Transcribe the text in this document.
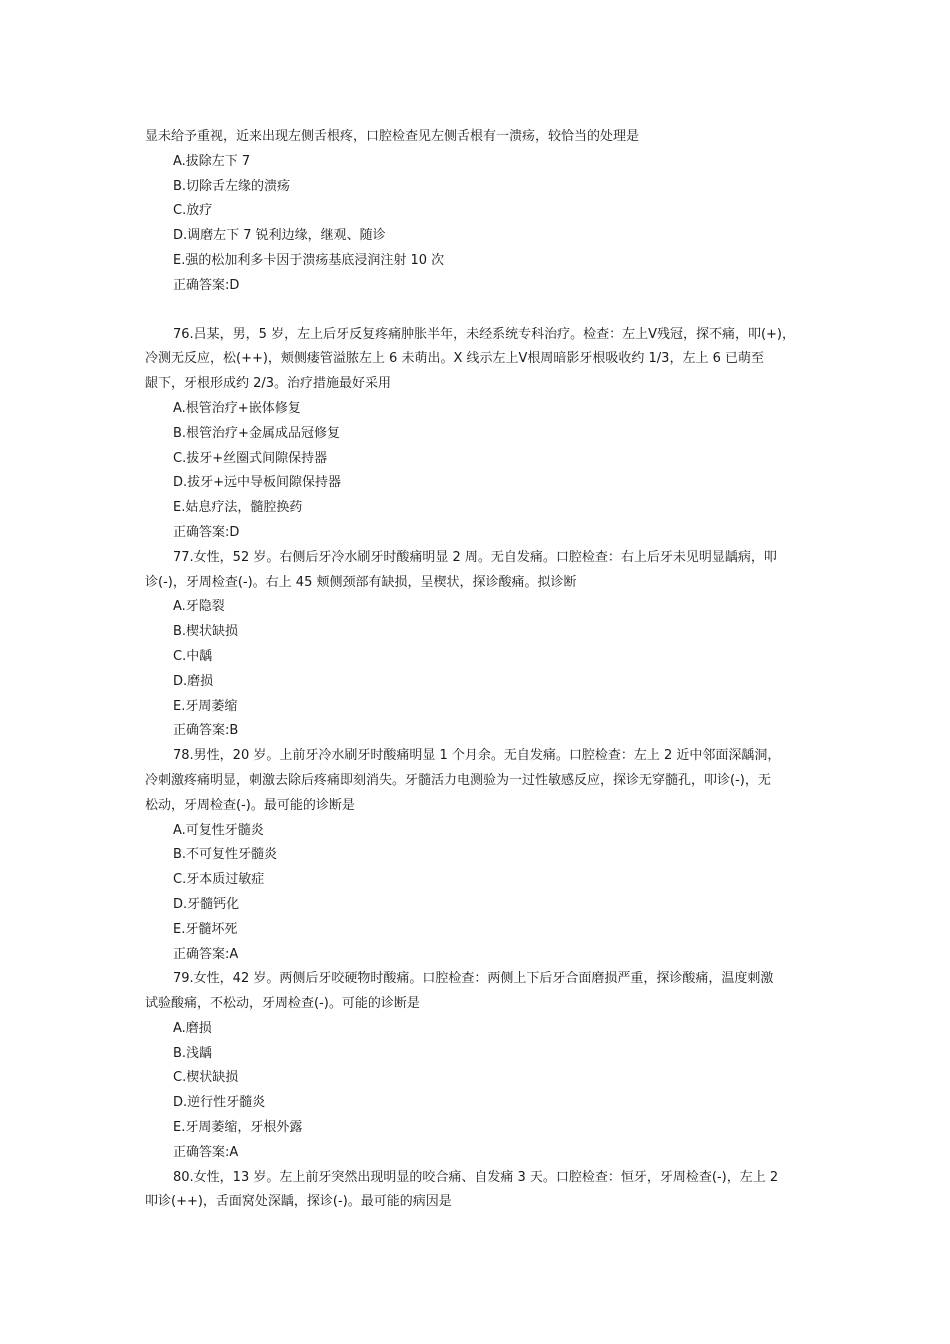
显未给予重视，近来出现左侧舌根疼，口腔检查见左侧舌根有一溃疡，较恰当的处理是
A.拔除左下 7
B.切除舌左缘的溃疡
C.放疗
D.调磨左下 7 锐利边缘，继观、随诊
E.强的松加利多卡因于溃疡基底浸润注射 10 次
正确答案:D
76.吕某，男，5 岁，左上后牙反复疼痛肿胀半年，未经系统专科治疗。检查：左上Ⅴ残冠，探不痛，叩(+)，
冷测无反应，松(++)，颊侧瘘管溢脓左上 6 未萌出。X 线示左上Ⅴ根周暗影牙根吸收约 1/3，左上 6 已萌至
龈下，牙根形成约 2/3。治疗措施最好采用
A.根管治疗+嵌体修复
B.根管治疗+金属成品冠修复
C.拔牙+丝圈式间隙保持器
D.拔牙+远中导板间隙保持器
E.姑息疗法，髓腔换药
正确答案:D
77.女性，52 岁。右侧后牙冷水刷牙时酸痛明显 2 周。无自发痛。口腔检查：右上后牙未见明显龋病，叩
诊(-)，牙周检查(-)。右上 45 颊侧颈部有缺损，呈楔状，探诊酸痛。拟诊断
A.牙隐裂
B.楔状缺损
C.中龋
D.磨损
E.牙周萎缩
正确答案:B
78.男性，20 岁。上前牙冷水刷牙时酸痛明显 1 个月余。无自发痛。口腔检查：左上 2 近中邻面深龋洞，
冷刺激疼痛明显，刺激去除后疼痛即刻消失。牙髓活力电测验为一过性敏感反应，探诊无穿髓孔，叩诊(-)，无
松动，牙周检查(-)。最可能的诊断是
A.可复性牙髓炎
B.不可复性牙髓炎
C.牙本质过敏症
D.牙髓钙化
E.牙髓坏死
正确答案:A
79.女性，42 岁。两侧后牙咬硬物时酸痛。口腔检查：两侧上下后牙合面磨损严重，探诊酸痛，温度刺激
试验酸痛，不松动，牙周检查(-)。可能的诊断是
A.磨损
B.浅龋
C.楔状缺损
D.逆行性牙髓炎
E.牙周萎缩，牙根外露
正确答案:A
80.女性，13 岁。左上前牙突然出现明显的咬合痛、自发痛 3 天。口腔检查：恒牙，牙周检查(-)，左上 2
叩诊(++)，舌面窝处深龋，探诊(-)。最可能的病因是
